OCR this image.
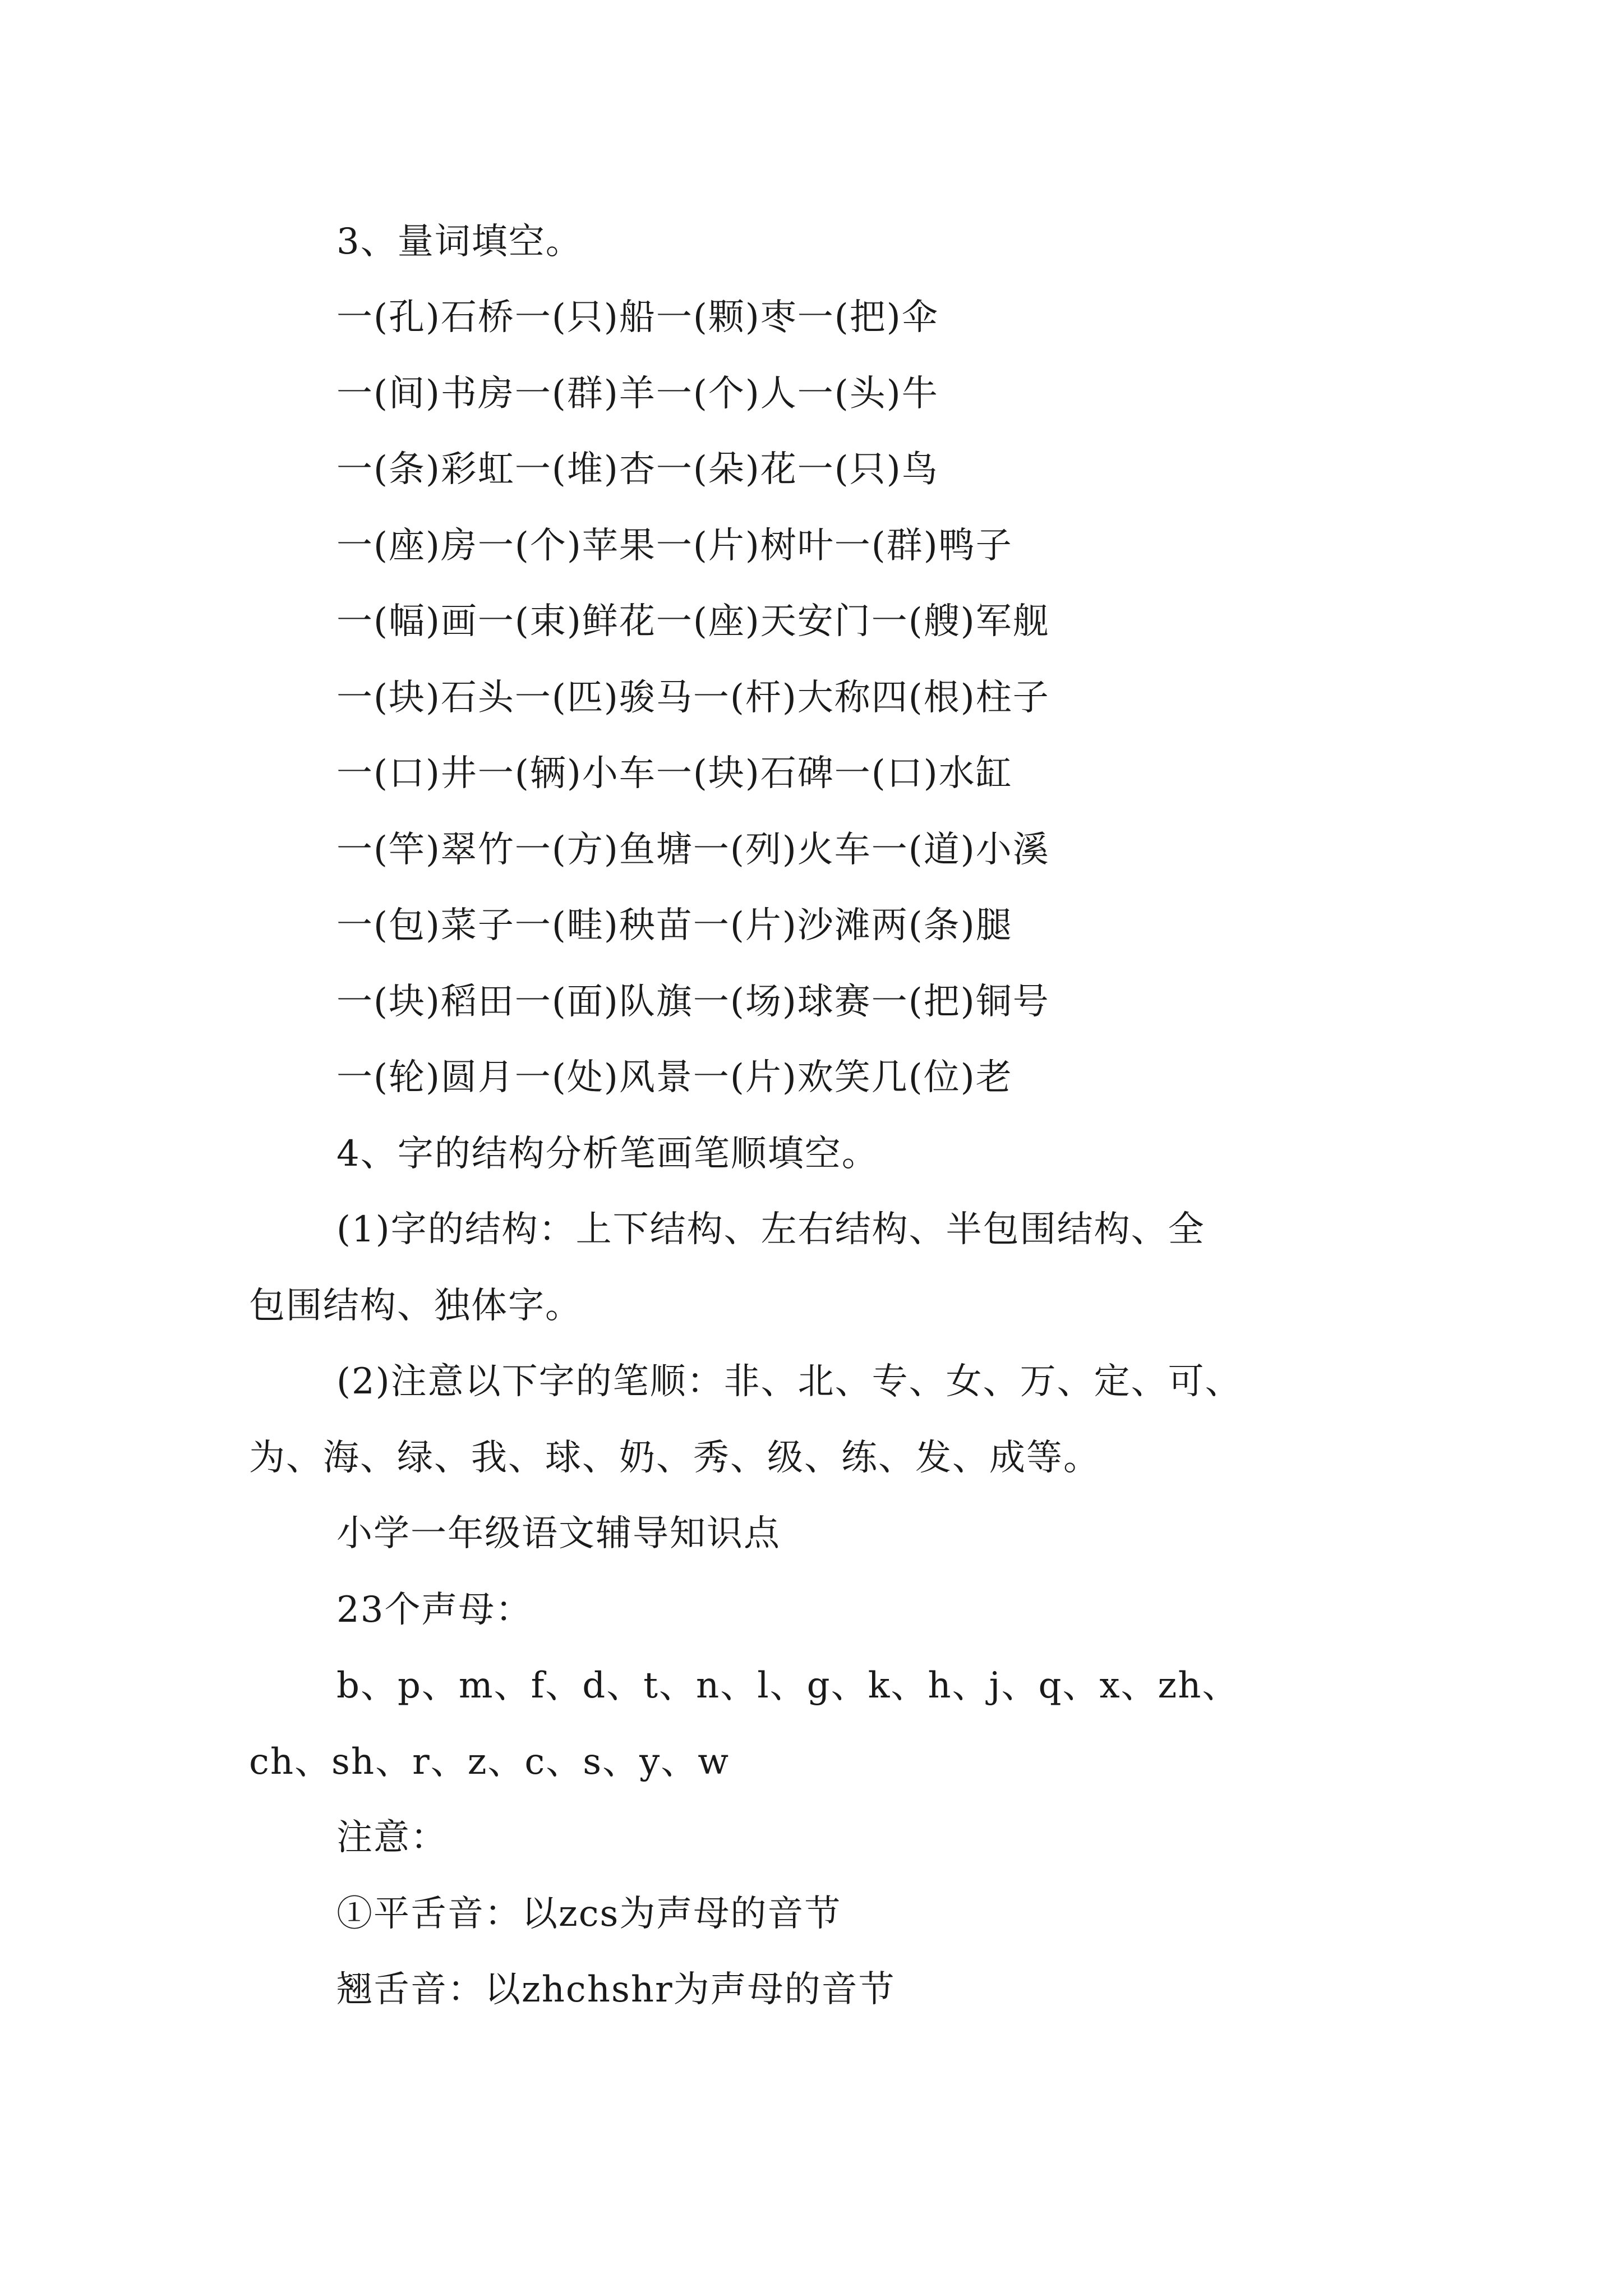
3、量词填空。
一(孔)石桥一(只)船一(颗)枣一(把)伞
一(间)书房一(群)羊一(个)人一(头)牛
一(条)彩虹一(堆)杏一(朵)花一(只)鸟
一(座)房一(个)苹果一(片)树叶一(群)鸭子
一(幅)画一(束)鲜花一(座)天安门一(艘)军舰
一(块)石头一(匹)骏马一(杆)大称四(根)柱子
一(口)井一(辆)小车一(块)石碑一(口)水缸
一(竿)翠竹一(方)鱼塘一(列)火车一(道)小溪
一(包)菜子一(畦)秧苗一(片)沙滩两(条)腿
一(块)稻田一(面)队旗一(场)球赛一(把)铜号
一(轮)圆月一(处)风景一(片)欢笑几(位)老
4、字的结构分析笔画笔顺填空。
(1)字的结构：上下结构、左右结构、半包围结构、全
包围结构、独体字。
(2)注意以下字的笔顺：非、北、专、女、万、定、可、
为、海、绿、我、球、奶、秀、级、练、发、成等。
小学一年级语文辅导知识点
23个声母：
b、p、m、f、d、t、n、l、g、k、h、j、q、x、zh、
ch、sh、r、z、c、s、y、w
注意：
①平舌音：以zcs为声母的音节
翘舌音：以zhchshr为声母的音节
